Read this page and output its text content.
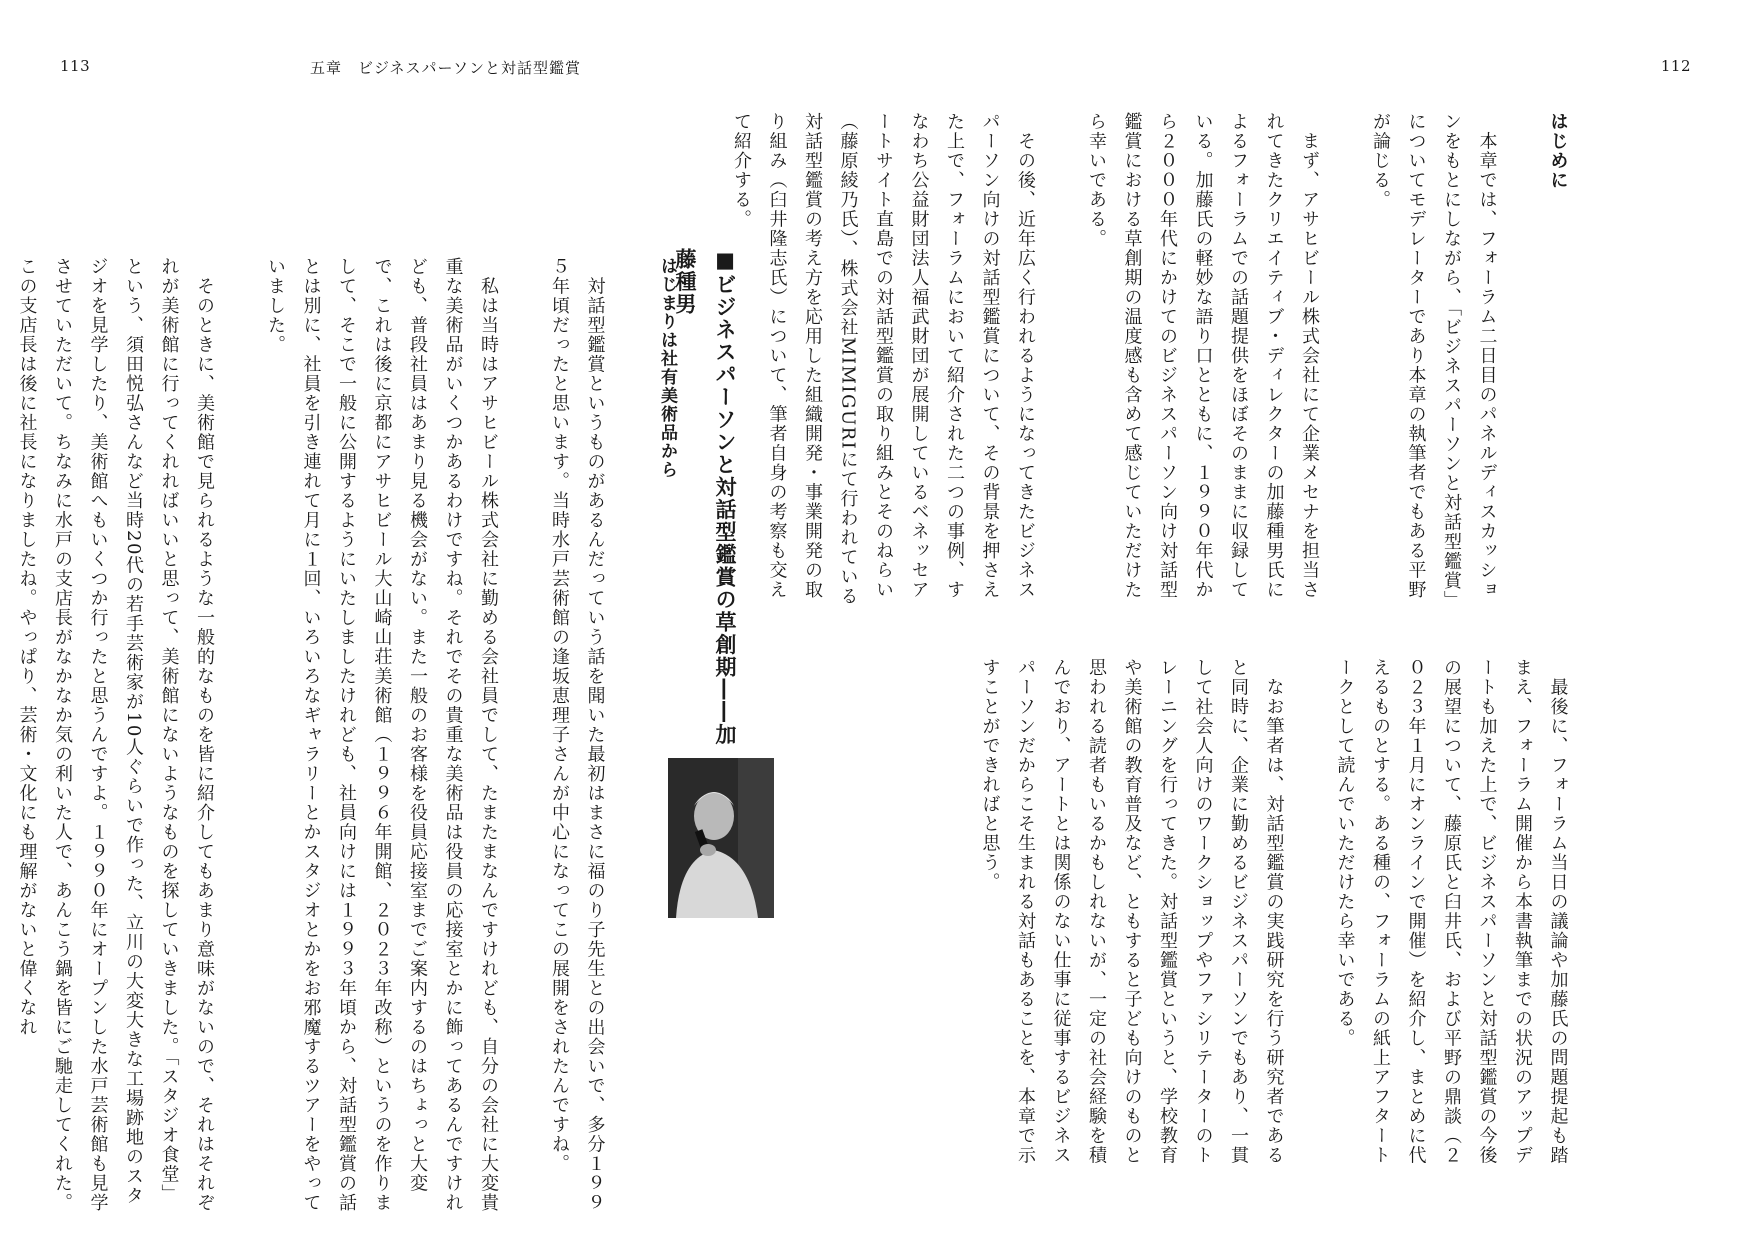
113	五章　ビジネスパーソンと対話型鑑賞	112

はじめに

　本章では、フォーラム二日目のパネルディスカッションをもとにしながら、「ビジネスパーソンと対話型鑑賞」についてモデレーターであり本章の執筆者でもある平野が論じる。

　まず、アサヒビール株式会社にて企業メセナを担当されてきたクリエイティブ・ディレクターの加藤種男氏によるフォーラムでの話題提供をほぼそのままに収録している。加藤氏の軽妙な語り口とともに、１９９０年代から２０００年代にかけてのビジネスパーソン向け対話型鑑賞における草創期の温度感も含めて感じていただけたら幸いである。

　その後、近年広く行われるようになってきたビジネスパーソン向けの対話型鑑賞について、その背景を押さえた上で、フォーラムにおいて紹介された二つの事例、すなわち公益財団法人福武財団が展開しているベネッセアートサイト直島での対話型鑑賞の取り組みとそのねらい（藤原綾乃氏）、株式会社MIMIGURIにて行われている対話型鑑賞の考え方を応用した組織開発・事業開発の取り組み（臼井隆志氏）について、筆者自身の考察も交えて紹介する。

　最後に、フォーラム当日の議論や加藤氏の問題提起も踏まえ、フォーラム開催から本書執筆までの状況のアップデートも加えた上で、ビジネスパーソンと対話型鑑賞の今後の展望について、藤原氏と臼井氏、および平野の鼎談（２０２３年１月にオンラインで開催）を紹介し、まとめに代えるものとする。ある種の、フォーラムの紙上アフタートークとして読んでいただけたら幸いである。

　なお筆者は、対話型鑑賞の実践研究を行う研究者であると同時に、企業に勤めるビジネスパーソンでもあり、一貫して社会人向けのワークショップやファシリテーターのトレーニングを行ってきた。対話型鑑賞というと、学校教育や美術館の教育普及など、ともすると子ども向けのものと思われる読者もいるかもしれないが、一定の社会経験を積んでおり、アートとは関係のない仕事に従事するビジネスパーソンだからこそ生まれる対話もあることを、本章で示すことができればと思う。

■ビジネスパーソンと対話型鑑賞の草創期――加藤種男
はじまりは社有美術品から

　対話型鑑賞というものがあるんだっていう話を聞いた最初はまさに福のり子先生との出会いで、多分１９９５年頃だったと思います。当時水戸芸術館の逢坂恵理子さんが中心になってこの展開をされたんですね。

　私は当時はアサヒビール株式会社に勤める会社員でして、たまたまなんですけれども、自分の会社に大変貴重な美術品がいくつかあるわけですね。それでその貴重な美術品は役員の応接室とかに飾ってあるんですけれども、普段社員はあまり見る機会がない。また一般のお客様を役員応接室までご案内するのはちょっと大変で、これは後に京都にアサヒビール大山崎山荘美術館（１９９６年開館、２０２３年改称）というのを作りまして、そこで一般に公開するようにいたしましたけれども、社員向けには１９９３年頃から、対話型鑑賞の話とは別に、社員を引き連れて月に１回、いろいろなギャラリーとかスタジオとかをお邪魔するツアーをやっていました。

　そのときに、美術館で見られるような一般的なものを皆に紹介してもあまり意味がないので、それはそれぞれが美術館に行ってくれればいいと思って、美術館にないようなものを探していきました。「スタジオ食堂」という、須田悦弘さんなど当時20代の若手芸術家が10人ぐらいで作った、立川の大変大きな工場跡地のスタジオを見学したり、美術館へもいくつか行ったと思うんですよ。１９９０年にオープンした水戸芸術館も見学させていただいて。ちなみに水戸の支店長がなかなか気の利いた人で、あんこう鍋を皆にご馳走してくれた。この支店長は後に社長になりましたね。やっぱり、芸術・文化にも理解がないと偉くなれ
